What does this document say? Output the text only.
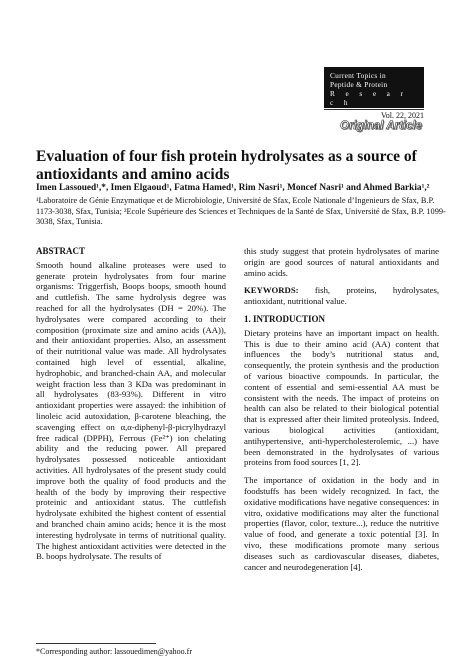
Current Topics in
Peptide & Protein
R e s e a r c h
Vol. 22, 2021
Original Article
Evaluation of four fish protein hydrolysates as a source of antioxidants and amino acids
Imen Lassoued¹,*, Imen Elgaoud¹, Fatma Hamed¹, Rim Nasri¹, Moncef Nasri¹ and Ahmed Barkia¹,²
¹Laboratoire de Génie Enzymatique et de Microbiologie, Université de Sfax, Ecole Nationale d’Ingenieurs de Sfax, B.P. 1173-3038, Sfax, Tunisia; ²Ecole Supérieure des Sciences et Techniques de la Santé de Sfax, Université de Sfax, B.P. 1099-3038, Sfax, Tunisia.
ABSTRACT

Smooth hound alkaline proteases were used to generate protein hydrolysates from four marine organisms: Triggerfish, Boops boops, smooth hound and cuttlefish. The same hydrolysis degree was reached for all the hydrolysates (DH = 20%). The hydrolysates were compared according to their composition (proximate size and amino acids (AA)), and their antioxidant properties. Also, an assessment of their nutritional value was made. All hydrolysates contained high level of essential, alkaline, hydrophobic, and branched-chain AA, and molecular weight fraction less than 3 KDa was predominant in all hydrolysates (83-93%). Different in vitro antioxidant properties were assayed: the inhibition of linoleic acid autoxidation, β-carotene bleaching, the scavenging effect on α,α-diphenyl-β-picrylhydrazyl free radical (DPPH), Ferrous (Fe²⁺) ion chelating ability and the reducing power. All prepared hydrolysates possessed noticeable antioxidant activities. All hydrolysates of the present study could improve both the quality of food products and the health of the body by improving their respective proteinic and antioxidant status. The cuttlefish hydrolysate exhibited the highest content of essential and branched chain amino acids; hence it is the most interesting hydrolysate in terms of nutritional quality. The highest antioxidant activities were detected in the B. boops hydrolysate. The results of

this study suggest that protein hydrolysates of marine origin are good sources of natural antioxidants and amino acids.

KEYWORDS: fish, proteins, hydrolysates, antioxidant, nutritional value.

1. INTRODUCTION

Dietary proteins have an important impact on health. This is due to their amino acid (AA) content that influences the body’s nutritional status and, consequently, the protein synthesis and the production of various bioactive compounds. In particular, the content of essential and semi-essential AA must be consistent with the needs. The impact of proteins on health can also be related to their biological potential that is expressed after their limited proteolysis. Indeed, various biological activities (antioxidant, antihypertensive, anti-hypercholesterolemic, ...) have been demonstrated in the hydrolysates of various proteins from food sources [1, 2].

The importance of oxidation in the body and in foodstuffs has been widely recognized. In fact, the oxidative modifications have negative consequences: in vitro, oxidative modifications may alter the functional properties (flavor, color, texture...), reduce the nutritive value of food, and generate a toxic potential [3]. In vivo, these modifications promote many serious diseases such as cardiovascular diseases, diabetes, cancer and neurodegeneration [4].

*Corresponding author: lassouedimen@yahoo.fr
